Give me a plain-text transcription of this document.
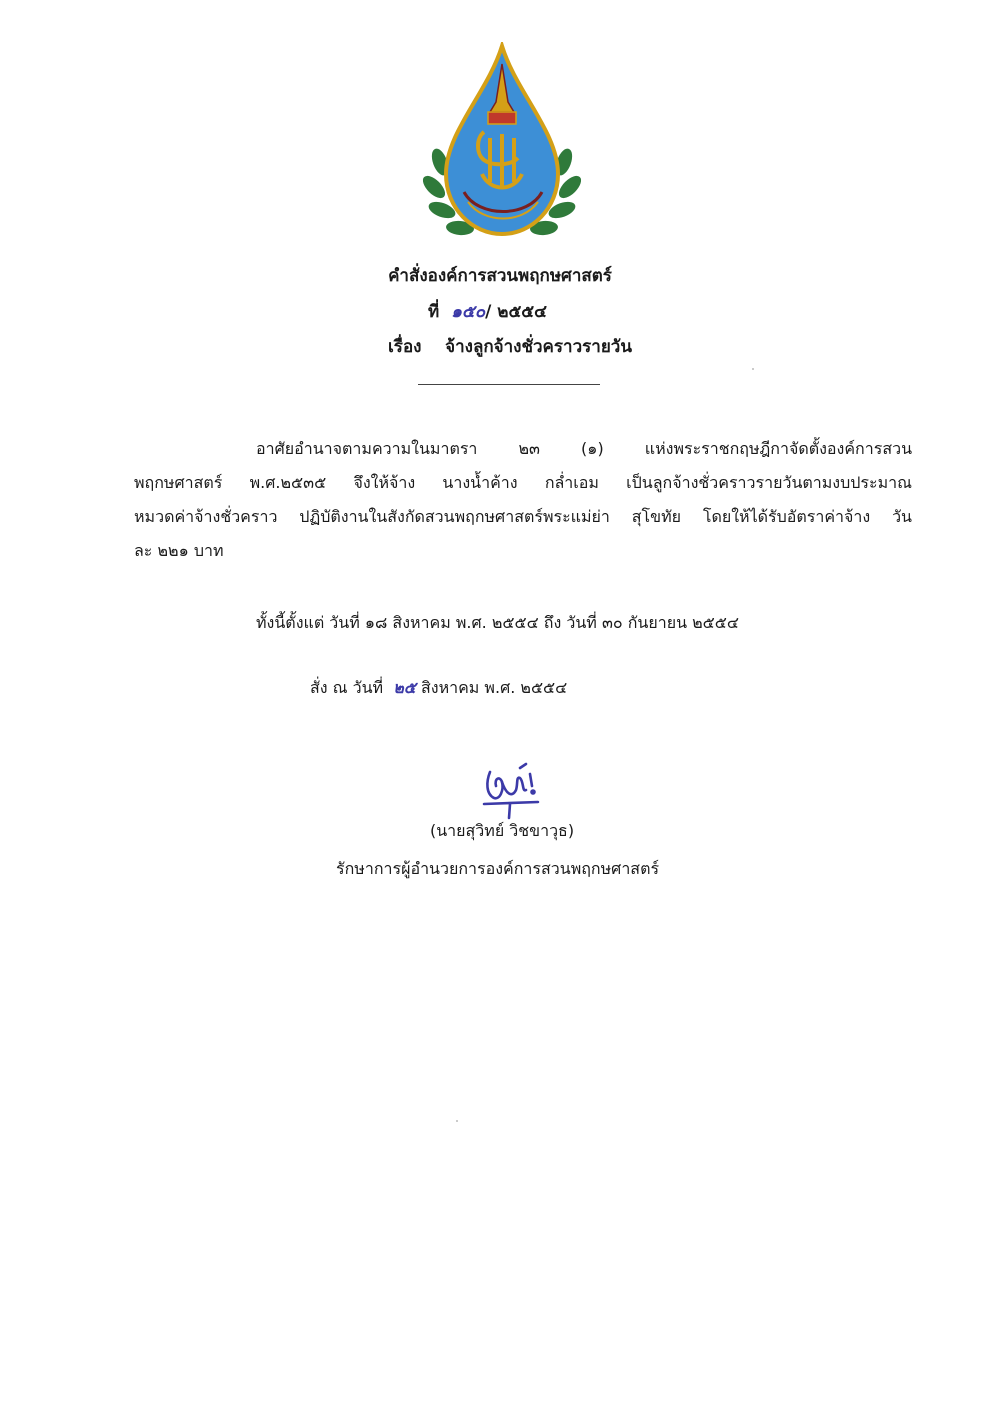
คำสั่งองค์การสวนพฤกษศาสตร์
ที่ ๑๕๐/ ๒๕๕๔
เรื่อง จ้างลูกจ้างชั่วคราวรายวัน
อาศัยอำนาจตามความในมาตรา ๒๓ (๑) แห่งพระราชกฤษฎีกาจัดตั้งองค์การสวน
พฤกษศาสตร์ พ.ศ.๒๕๓๕ จึงให้จ้าง นางน้ำค้าง กล่ำเอม เป็นลูกจ้างชั่วคราวรายวันตามงบประมาณ
หมวดค่าจ้างชั่วคราว ปฏิบัติงานในสังกัดสวนพฤกษศาสตร์พระแม่ย่า สุโขทัย โดยให้ได้รับอัตราค่าจ้าง วัน
ละ ๒๒๑ บาท
ทั้งนี้ตั้งแต่ วันที่ ๑๘ สิงหาคม พ.ศ. ๒๕๕๔ ถึง วันที่ ๓๐ กันยายน ๒๕๕๔
สั่ง ณ วันที่ ๒๕ สิงหาคม พ.ศ. ๒๕๕๔
(นายสุวิทย์ วิชขาวุธ)
รักษาการผู้อำนวยการองค์การสวนพฤกษศาสตร์
